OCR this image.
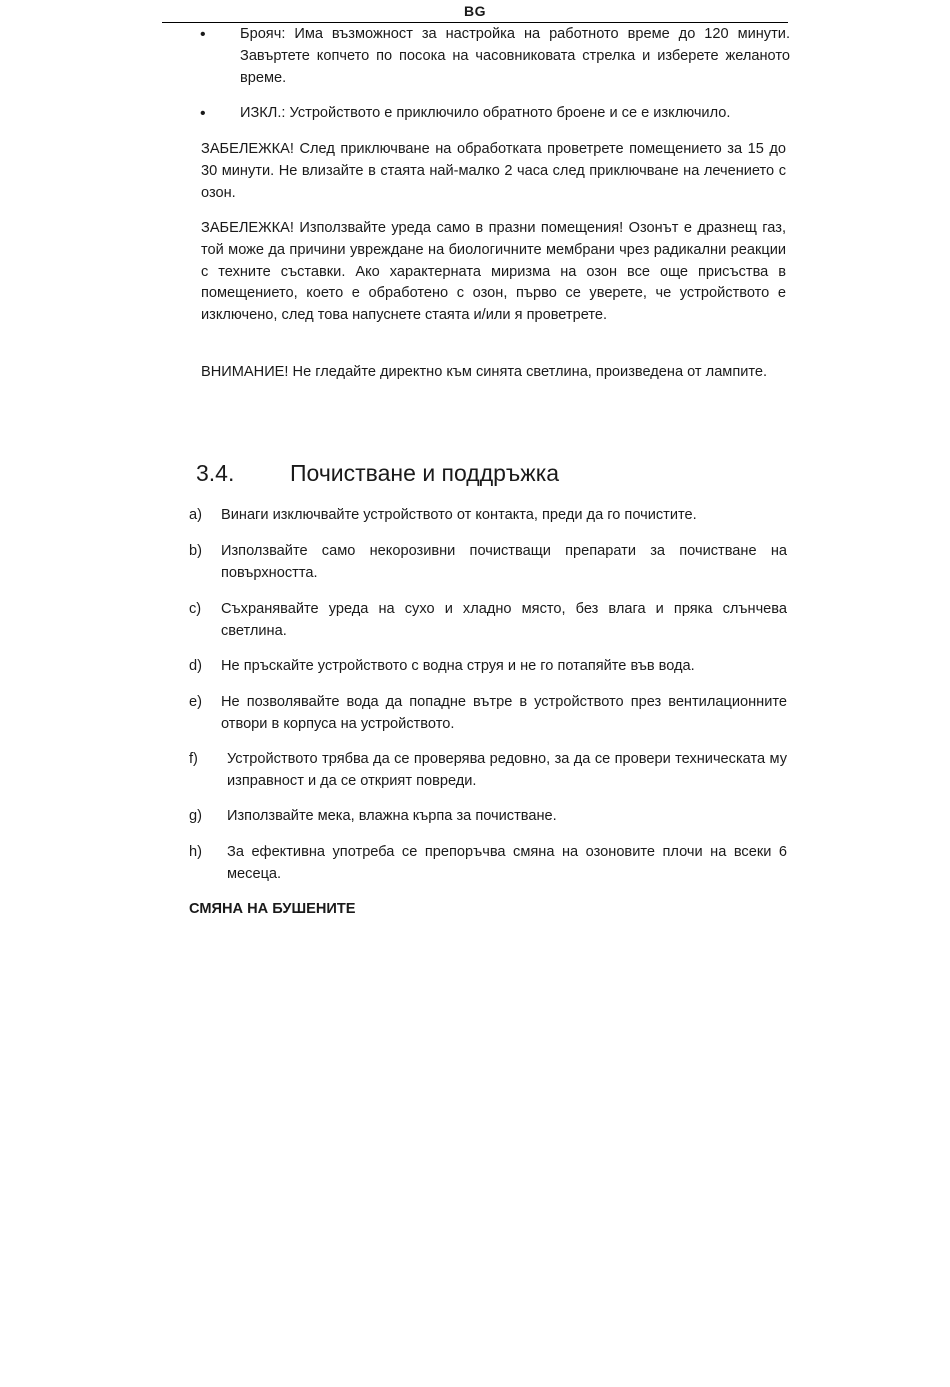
BG
• Брояч: Има възможност за настройка на работното време до 120 минути. Завъртете копчето по посока на часовниковата стрелка и изберете желаното време.

• ИЗКЛ.: Устройството е приключило обратното броене и се е изключило.

ЗАБЕЛЕЖКА! След приключване на обработката проветрете помещението за 15 до 30 минути. Не влизайте в стаята най-малко 2 часа след приключване на лечението с озон.

ЗАБЕЛЕЖКА! Използвайте уреда само в празни помещения! Озонът е дразнещ газ, той може да причини увреждане на биологичните мембрани чрез радикални реакции с техните съставки. Ако характерната миризма на озон все още присъства в помещението, което е обработено с озон, първо се уверете, че устройството е изключено, след това напуснете стаята и/или я проветрете.

ВНИМАНИЕ! Не гледайте директно към синята светлина, произведена от лампите.

3.4. Почистване и поддръжка
a) Винаги изключвайте устройството от контакта, преди да го почистите.

b) Използвайте само некорозивни почистващи препарати за почистване на повърхността.

c) Съхранявайте уреда на сухо и хладно място, без влага и пряка слънчева светлина.

d) Не пръскайте устройството с водна струя и не го потапяйте във вода.

e) Не позволявайте вода да попадне вътре в устройството през вентилационните отвори в корпуса на устройството.

f) Устройството трябва да се проверява редовно, за да се провери техническата му изправност и да се открият повреди.

g) Използвайте мека, влажна кърпа за почистване.

h) За ефективна употреба се препоръчва смяна на озоновите плочи на всеки 6 месеца.

СМЯНА НА БУШЕНИТЕ
